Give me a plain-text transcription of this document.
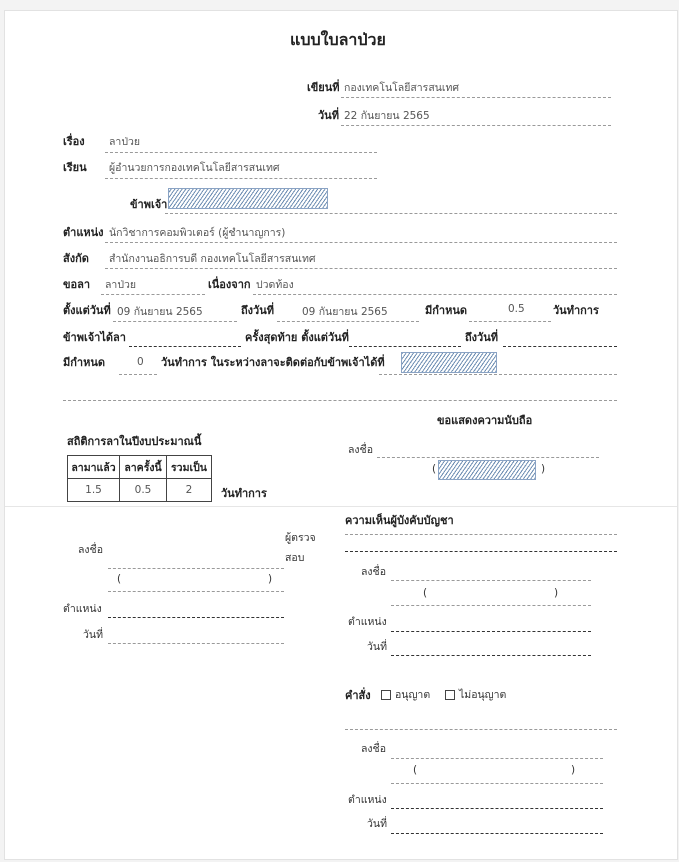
แบบใบลาป่วย
เขียนที่ กองเทคโนโลยีสารสนเทศ
วันที่ 22 กันยายน 2565
เรื่อง ลาป่วย
เรียน ผู้อำนวยการกองเทคโนโลยีสารสนเทศ
ข้าพเจ้า
ตำแหน่ง นักวิชาการคอมพิวเตอร์ (ผู้ชำนาญการ)
สังกัด สำนักงานอธิการบดี กองเทคโนโลยีสารสนเทศ
ขอลา ลาป่วย	เนื่องจาก ปวดท้อง
ตั้งแต่วันที่ 09 กันยายน 2565	ถึงวันที่	09 กันยายน 2565	มีกำหนด	0.5	วันทำการ
ข้าพเจ้าได้ลา	ครั้งสุดท้าย ตั้งแต่วันที่	ถึงวันที่
มีกำหนด	0 วันทำการ ในระหว่างลาจะติดต่อกับข้าพเจ้าได้ที่
ขอแสดงความนับถือ
ลงชื่อ
(	)
สถิติการลาในปีงบประมาณนี้
ลามาแล้ว	ลาครั้งนี้	รวมเป็น
1.5	0.5	2	วันทำการ
ลงชื่อ
ผู้ตรวจ
สอบ
(	)
ตำแหน่ง
วันที่
ความเห็นผู้บังคับบัญชา
ลงชื่อ
(	)
ตำแหน่ง
วันที่
คำสั่ง	อนุญาต	ไม่อนุญาต
ลงชื่อ
(	)
ตำแหน่ง
วันที่
